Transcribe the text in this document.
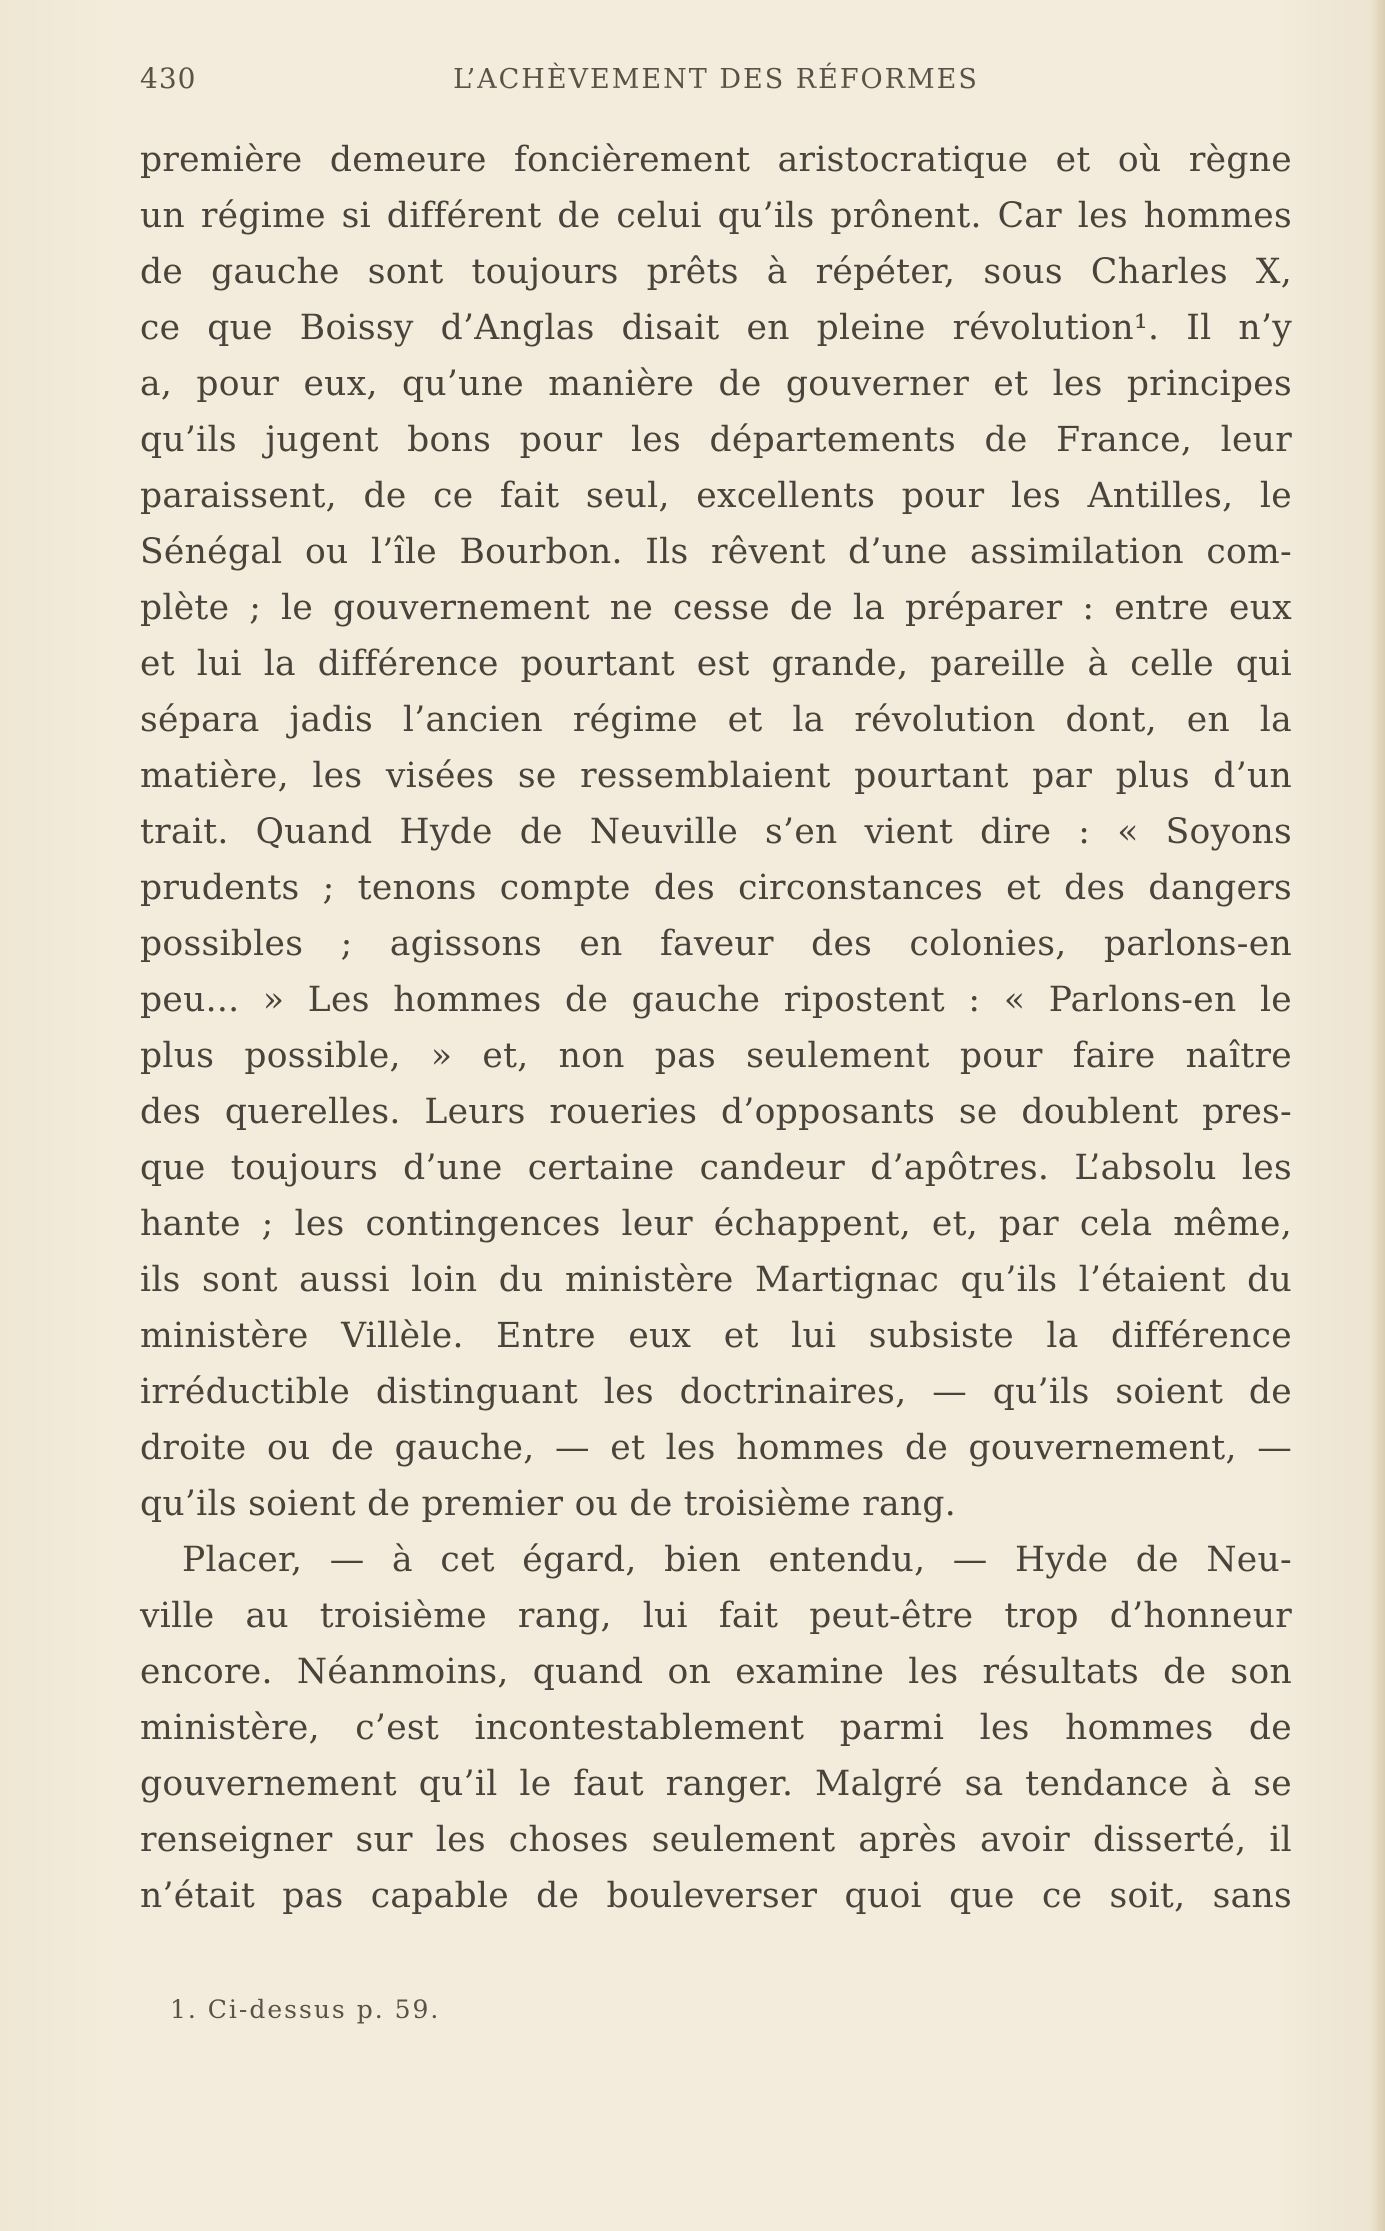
430	L’ACHÈVEMENT DES RÉFORMES
première demeure foncièrement aristocratique et où règne
un régime si différent de celui qu’ils prônent. Car les hommes
de gauche sont toujours prêts à répéter, sous Charles X,
ce que Boissy d’Anglas disait en pleine révolution¹. Il n’y
a, pour eux, qu’une manière de gouverner et les principes
qu’ils jugent bons pour les départements de France, leur
paraissent, de ce fait seul, excellents pour les Antilles, le
Sénégal ou l’île Bourbon. Ils rêvent d’une assimilation com-
plète ; le gouvernement ne cesse de la préparer : entre eux
et lui la différence pourtant est grande, pareille à celle qui
sépara jadis l’ancien régime et la révolution dont, en la
matière, les visées se ressemblaient pourtant par plus d’un
trait. Quand Hyde de Neuville s’en vient dire : « Soyons
prudents ; tenons compte des circonstances et des dangers
possibles ; agissons en faveur des colonies, parlons-en
peu... » Les hommes de gauche ripostent : « Parlons-en le
plus possible, » et, non pas seulement pour faire naître
des querelles. Leurs roueries d’opposants se doublent pres-
que toujours d’une certaine candeur d’apôtres. L’absolu les
hante ; les contingences leur échappent, et, par cela même,
ils sont aussi loin du ministère Martignac qu’ils l’étaient du
ministère Villèle. Entre eux et lui subsiste la différence
irréductible distinguant les doctrinaires, — qu’ils soient de
droite ou de gauche, — et les hommes de gouvernement, —
qu’ils soient de premier ou de troisième rang.
Placer, — à cet égard, bien entendu, — Hyde de Neu-
ville au troisième rang, lui fait peut-être trop d’honneur
encore. Néanmoins, quand on examine les résultats de son
ministère, c’est incontestablement parmi les hommes de
gouvernement qu’il le faut ranger. Malgré sa tendance à se
renseigner sur les choses seulement après avoir disserté, il
n’était pas capable de bouleverser quoi que ce soit, sans
1. Ci-dessus p. 59.
